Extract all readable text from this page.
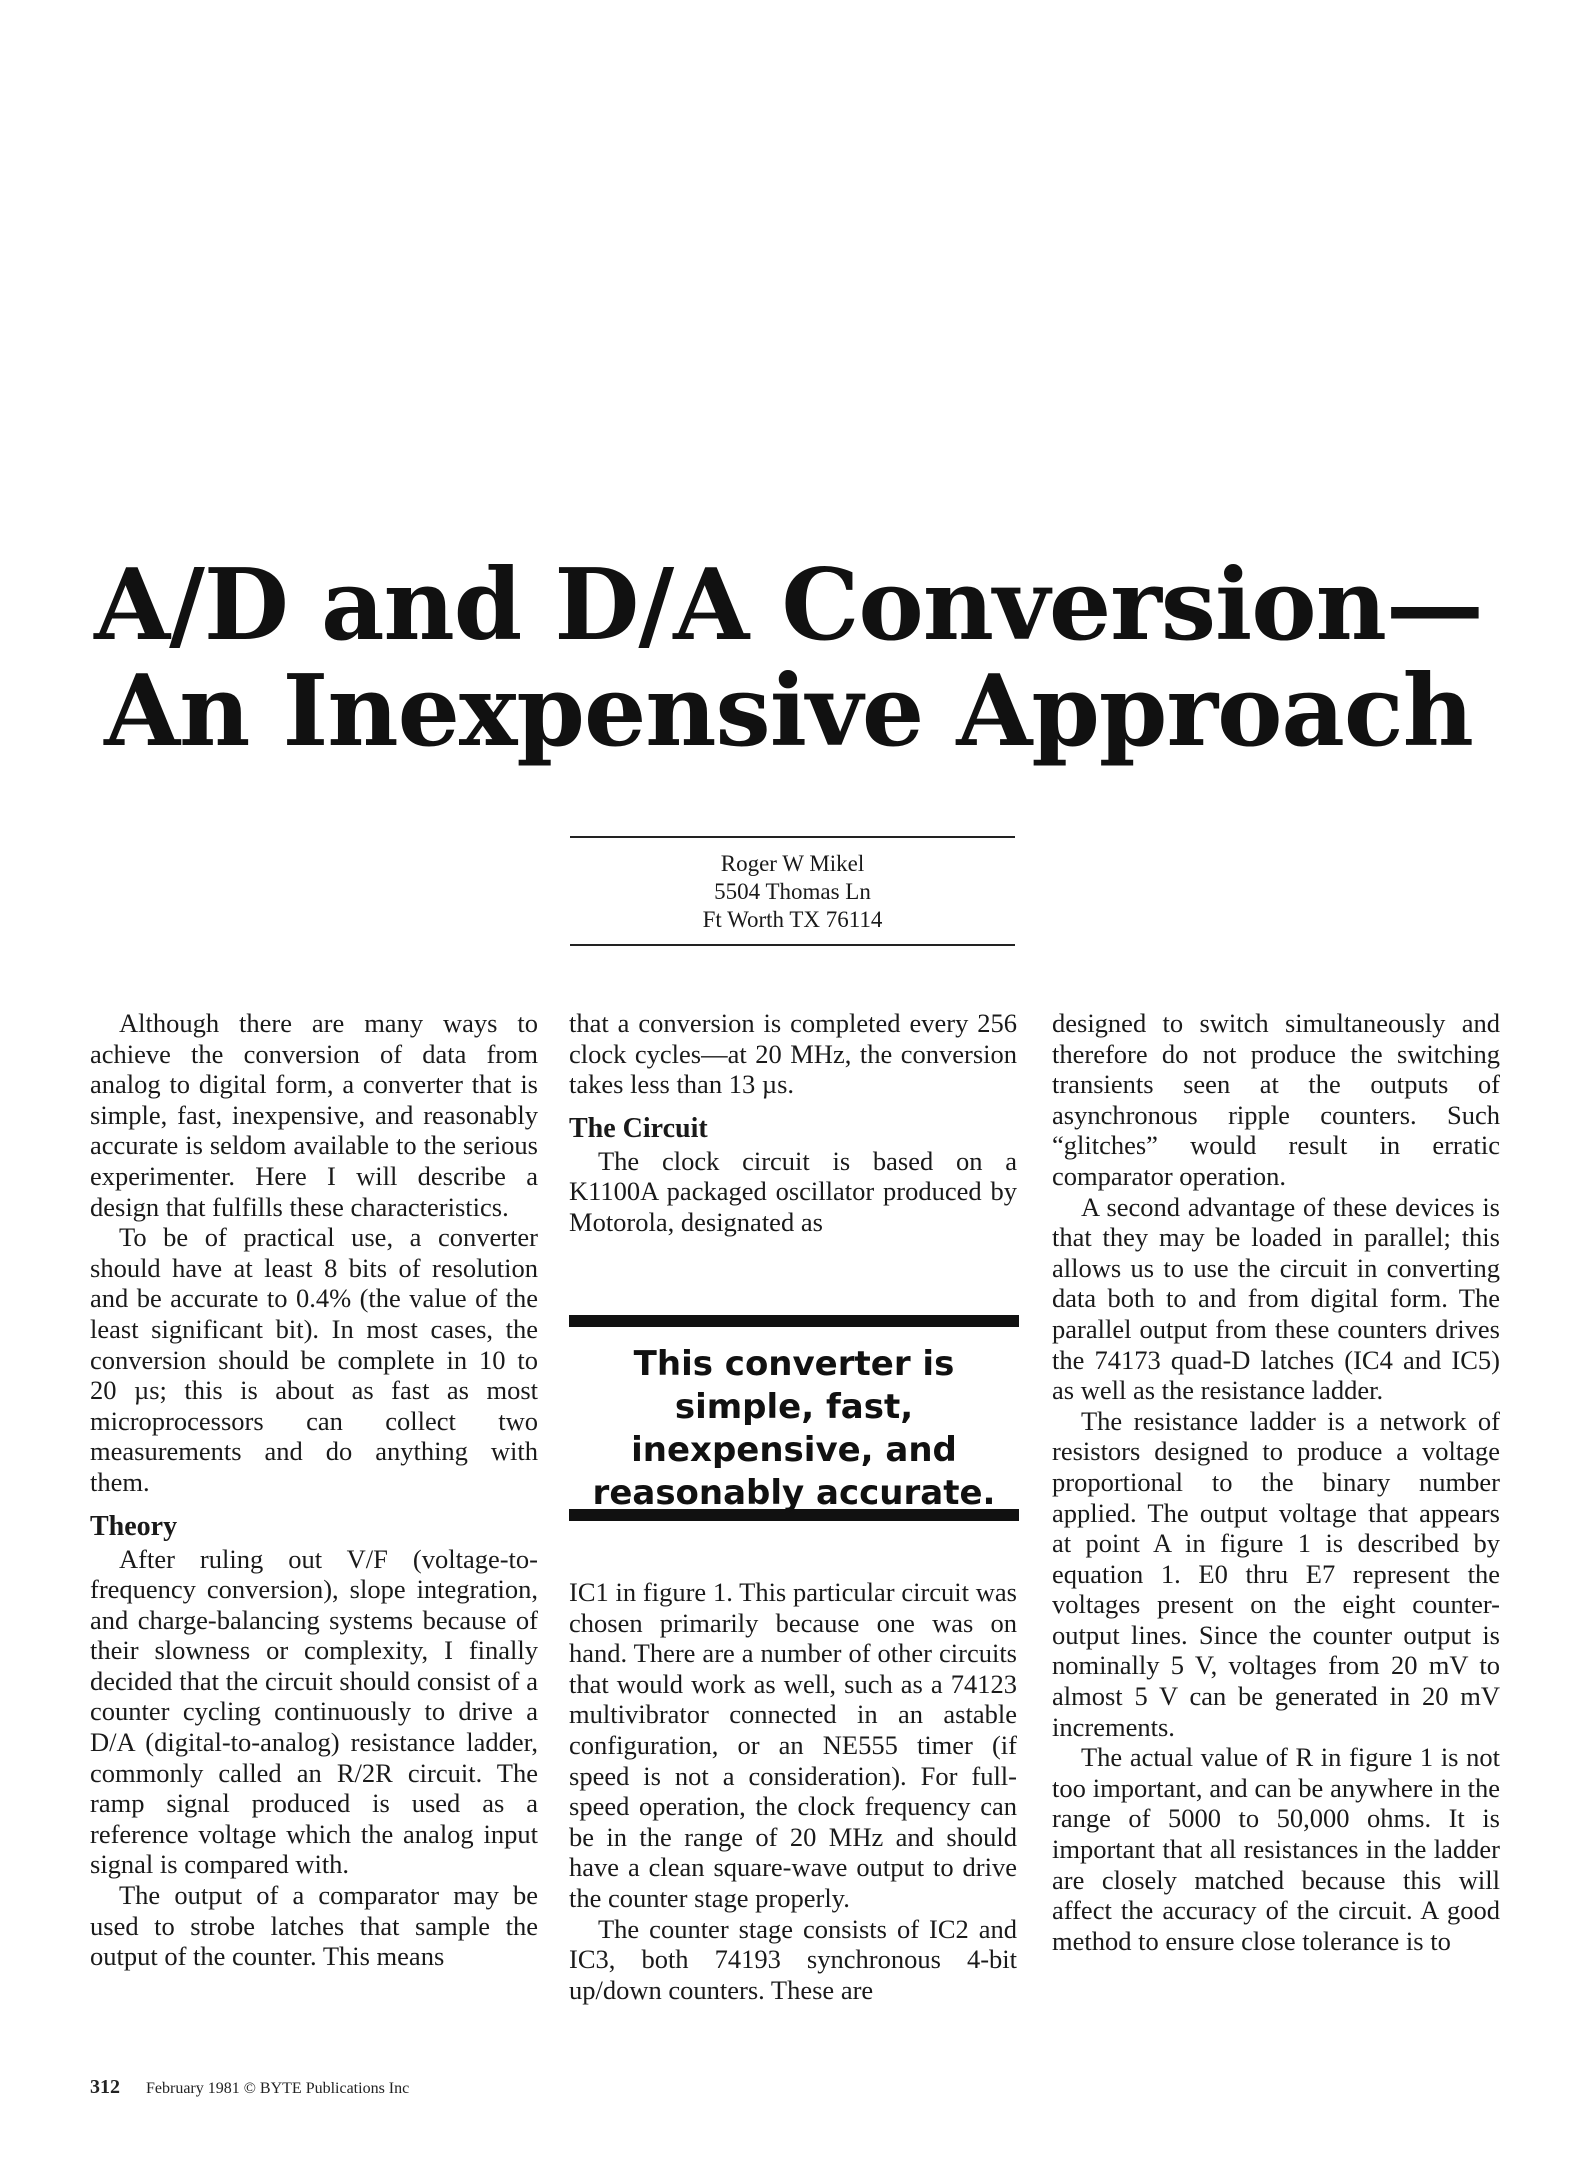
A/D and D/A Conversion—
An Inexpensive Approach
Roger W Mikel
5504 Thomas Ln
Ft Worth TX 76114

Although there are many ways to achieve the conversion of data from analog to digital form, a converter that is simple, fast, inexpensive, and reasonably accurate is seldom available to the serious experimenter. Here I will describe a design that fulfills these characteristics.

To be of practical use, a converter should have at least 8 bits of resolution and be accurate to 0.4% (the value of the least significant bit). In most cases, the conversion should be complete in 10 to 20 µs; this is about as fast as most microprocessors can collect two measurements and do anything with them.

Theory

After ruling out V/F (voltage-to-frequency conversion), slope integration, and charge-balancing systems because of their slowness or complexity, I finally decided that the circuit should consist of a counter cycling continuously to drive a D/A (digital-to-analog) resistance ladder, commonly called an R/2R circuit. The ramp signal produced is used as a reference voltage which the analog input signal is compared with.

The output of a comparator may be used to strobe latches that sample the output of the counter. This means

that a conversion is completed every 256 clock cycles—at 20 MHz, the conversion takes less than 13 µs.

The Circuit

The clock circuit is based on a K1100A packaged oscillator produced by Motorola, designated as

This converter is simple, fast, inexpensive, and reasonably accurate.

IC1 in figure 1. This particular circuit was chosen primarily because one was on hand. There are a number of other circuits that would work as well, such as a 74123 multivibrator connected in an astable configuration, or an NE555 timer (if speed is not a consideration). For full-speed operation, the clock frequency can be in the range of 20 MHz and should have a clean square-wave output to drive the counter stage properly.

The counter stage consists of IC2 and IC3, both 74193 synchronous 4-bit up/down counters. These are

designed to switch simultaneously and therefore do not produce the switching transients seen at the outputs of asynchronous ripple counters. Such “glitches” would result in erratic comparator operation.

A second advantage of these devices is that they may be loaded in parallel; this allows us to use the circuit in converting data both to and from digital form. The parallel output from these counters drives the 74173 quad-D latches (IC4 and IC5) as well as the resistance ladder.

The resistance ladder is a network of resistors designed to produce a voltage proportional to the binary number applied. The output voltage that appears at point A in figure 1 is described by equation 1. E0 thru E7 represent the voltages present on the eight counter-output lines. Since the counter output is nominally 5 V, voltages from 20 mV to almost 5 V can be generated in 20 mV increments.

The actual value of R in figure 1 is not too important, and can be anywhere in the range of 5000 to 50,000 ohms. It is important that all resistances in the ladder are closely matched because this will affect the accuracy of the circuit. A good method to ensure close tolerance is to

312 February 1981 © BYTE Publications Inc
